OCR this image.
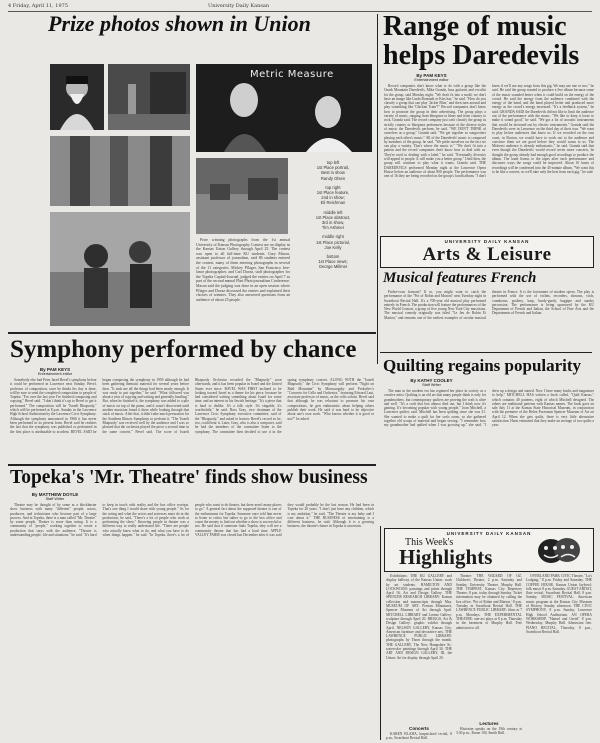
4 Friday, April 11, 1975	University Daily Kansan
Prize photos shown in Union
Metric Measure
top left
1st Place portrait,
Best in show
Randy Olsen
top right
1st Place feature,
2nd in show;
Eli Reichman
middle left
1st Place abstract,
3rd in show,
Tim Ashmer
middle right
1st Place pictorial,
Joe Kelly
bottom
1st Place news;
George Millmer

Prize winning photographs from the 1st annual University of Kansas Photography Contest are on display in the Kansas Union Gallery through April 25. The contest was open to all full-time KU students. Gary Mason, assistant professor of journalism, said 86 students entered the contest, many of them entering photographs in several of the 11 categories. Mickey Pflager, San Francisco free-lance photographer, and Carl Davaz, staff photographer for the Topeka Capital-Journal, judged the entries on April 7 as part of the second annual Flint Photojournalism Conference. Mason said the judging was done in an open session where Pflager and Davaz discussed the entries and explained their choices of winners. They also answered questions from an audience of about 25 people.

Range of music helps Daredevils
By PAM KEYS
Entertainment editor

Record companies don't know what to do with a group like the Ozark Mountain Daredevils, Mike Granda, bass guitarist and vocalist for the group, said Monday night. "We don't fit into a mold; we don't have an image like Linda Ronstadt or Kiss has," he said. "How do you classify a group that can play 'Jackie Blue,' and then turn around and play something like 'Chicken Train'?" Record companies don't know how to promote the group in their advertising. The group plays a variety of music, ranging from bluegrass to blues and from country to rock, Granda said. The record company just can't classify the group as strictly country or bluegrass performers because of the diverse styles of music the Daredevils perform, he said. "WE DON'T THINK of ourselves as a group," Granda said. "We get together as songwriters playing each other's music." All of the Daredevils' music is composed by members of the group, he said. "We pride ourselves on the fact we can play a variety. That's where the music is." "We don't fit into a pattern and the record companies don't know how to deal with us. They're used to dealing with a label," he said. "Eventually diversity will appeal to people. It will make you a better group." Until then, the group will continue to play what it wants, Granda said. THE DAREDEVILS performed Monday night at the Lawrence Opera House before an audience of about 800 people. The performance was one of 16 they are being recorded on the group's fourth album. "I don't know if we'll use any songs from this gig. We may use one or two," he said. He said the group wanted to produce a live album because some of the music sounded better when it could build on the energy of the crowd. He said the energy from the audience combined with the energy of the band, and the band played better and produced more energy as the crowd's energy increased. "It's a feedback system," he said. GRANDA SAID the Daredevils did not like to limit the audience out of the performance with the music. "We like to keep it loose to make it sound good," he said. "We got a lot of acoustic instruments that would be drowned out by electric instruments." Granda said the Daredevils were in Lawrence on the third day of their tour. "We want to play before audiences that know us. If we recorded on the east coast, in Boston, we would have to work out to the audience and convince them we are good before they would warm to us. The Midwest audience is already enthusiastic," he said. Granda said that even though the Daredevils would record seven more concerts, he thought the group already had enough good recordings to produce the album. The band listens to the tapes after each performance and discusses ways the songs could be improved. About 16 hours of recordings will be condensed into the 45-minute album. "We want this to be like a concert, so we'll take only the best from each gig," he said.

UNIVERSITY DAILY KANSAN
Arts & Leisure
Musical features French

Parlez-vous francais? If so, you might want to catch the performance of the "Pot of Robin and Marion" next Tuesday night in Swarthout Recital Hall. It's a 700-year old musical play performed entirely in French. The production will feature the performances of the New World Consort, a group of five young New York City musicians. The musical comedy originally was titled "Le Jeu de Robin Et Marion," and remains one of the earliest examples of secular musical theater in France. It is the forerunner of modern opera. The play is performed with the use of violins, recorders, shawms, viols, crumhorns, psaltery, harp, hurdy-gurdy, bagpipe and sundry percussion. The performance is being sponsored by the KU Department of French and Italian, the School of Fine Arts and the Departments of French and Italian.

Symphony performed by chance
By PAM KEYS
Entertainment editor

Somebody else had Peter Jared Bevel's symphony before it could be performed in Lawrence next Sunday. Bevel, professor of composition, once he thinks his day is done, will be sure to send the completed composition to people of Topeka. "For over the last year I've finished composing and copying," Bevel said. "I don't think it's up to Bevel to get it performed." The composition will be "Israeli Rhapsody," which will be performed at 8 p.m. Sunday in the Lawrence High School Auditorium by the Lawrence Civic Symphony. Although the symphony announced in 1966 it has never been performed in its present form. Bevel said he realizes the fact that the symphony was published or performed in the first place is attributable to accident. BEVEL SAID he began composing the symphony in 1959 although he had been gathering thematic material for several years before then. "It took me all the things had been nearly enough. It was ready to put together," he said. "What followed was about a year of copying and writing and generally hustling." But, when he finished it, the symphony was added to a pile of music on top of the piano, and it wasn't discovered until another musician found it there while looking through that stack of music. After that, it didn't take much persuasion for the Southern Illinois Symphony to perform it. "The 'Israeli Rhapsody' was received well by the audience and I was so pleased that the orchestra played the piece a second time in the same concert," Bevel said. The score of Israeli Rhapsody Orchestra recorded the "Rhapsody" soon afterwards, and it has been popular in Israel and the United States ever since. BAVEL WAS FIRST inclined to be looking toward Israel as a theme for his piece, because he had considered writing something about Israel for some time, and an interest in his Jewish heritage. "It's a piece that is hard to dislike. It's a folk style. It's singable, it's worthwhile," he said. Ross Gray, vice chairman of the Lawrence Civic Symphony executive committee, said of the "Rhapsody," and asked to borrow Bevel's record so he, too, could hear it. Later, Gray, who is also a composer, said he had the members of the committee listen to the symphony. The committee then decided to use it in the spring symphony concert. ALONG WITH the "Israeli Rhapsody," the Civic Symphony will perform "Night on Bald Mountain" by Moussorgsky and Prokofiev's "Concerto for Cello and Orchestra," featuring Edward Laut, associate professor of music, as the cello soloist. Bevel said that although he was reluctant to promote his own compositions, he gets enthusiastic about helping others publish their work. He said it was hard to be objective about one's own work. "Who knows whether it is good or not?" he asked.

Quilting regains popularity
By KATHY COOLEY
Staff Writer

The man in the modern era has regained her place in society as a creative artist. Quilting is an old art that many people think is only for grandmothers, but contemporary quilters are proving the craft is alive and well. "It's a craft that lost almost died out, but I think now it's gaining. It's becoming popular with young people," Joan Mitchell, a Lawrence quilter, said. Mitchell has been quilting since she was 21. She wanted to make a quilt for her son's room, so she gathered together old scraps of material and began sewing. "I remember how my grandmother had quilted when I was growing up," she said. "I drew up a design and started. Now I have many books and magazines to help." MITCHELL HAS written a book called, "Quilt Kansas," which contains 40 patterns, eight of which Mitchell designed. The others are traditional patterns with Kansas names. The book goes on sale July 11 at the Kansas State Historical Museum, in conjunction with the premiere of the Helen Foresman Spencer Museum of Art on April 12. When she gets quilts, there is very little alternative satisfaction. Hurst estimated that they make an average of two quilts a year.

Topeka's 'Mr. Theatre' finds show business
By MATTHEW DOYLE
Staff Writer

Theatre may be thought of by some as a blockbuster show business with many "different" people, actors, producers, and technicians who become part of a large process. And in Topeka, there is a man called "Mr. Theatre" by some people. Theatre is more than acting. It is a community of "people," working together to create a production that stays with the audience. "Theatre is understanding people, life and situations," he said. "It's hard to keep in touch with reality and the box office receipts. That's one thing I would share with young people." As for the acting and what the actors and actresses must do in the production, he said, "There's a lot of people who work at performing the show." Knowing people in theater was a different way to really understand life. "There are people who actually know what to do, and what you have to do when things happen," he said. "In Topeka, there's a lot of people who want to do theater, but there aren't many places to go." A general fact about the supposed theatre is one of the enthusiasms for Topeka. Someone once told him never to listen to critics but rather to go to the box office and count the money to find out whether a show is successful or not. He said that if someone finds Topeka, they will see a community theatre that has had a hard time. APPLE VALLEY FARM was closed last December after it was said they would probably be the last season. He had been in Topeka for 20 years. "I don't just have any children, which is my ambition," he said. "The Theatre is my baby and I care about it." THE BUSINESS of entertaining is a different business, he said. Although it is a growing business, the theatre's future in Topeka is uncertain.

UNIVERSITY DAILY KANSAN
This Week's
Highlights

Exhibitions: THE KU GALLERY and display hallway of the Kansas Union: work by art students. HAMILTON AND LOCKWOOD: paintings and prints through April 16, Art and Design Gallery. THE SPENCER RESEARCH LIBRARY: Kansas collection and manuscripts through May. MUSEUM OF ART: Persian Miniatures, Spencer Museum of Art through April. MITCHELL LIBRARY and Lorenz Gallery: sculpture through April 20. BRIGGS, Art & Design Gallery: graphic exhibit through April. NELSON GALLERY, Kansas City: American furniture and decorative arts. THE LAWRENCE PUBLIC LIBRARY: photographs by Thorn through the month. THE GALLERY, The New Hampshire St.: watercolor paintings through April 30. THE ART AND DESIGN GALLERY, III, the Union: Art for display through April 20.

Concerts

KAREN BLAHA, harpsichord recital, 8 p.m., Swarthout Recital Hall.

Theatre: THE WIZARD OF OZ, Children's Theatre, 2 p.m. Saturday and Sunday, University Theatre, Murphy Hall. THE TEMPEST, Kansas City Repertory Theatre, 8 p.m. today through Sunday. Ticket information may be obtained by calling the box office. 'Pot of Robin and Marion,' 8 p.m. Tuesday in Swarthout Recital Hall. THE LAWRENCE PUBLIC LIBRARY: films at 7 p.m. Mondays. THE EXPERIMENTAL THEATRE: one-act plays at 8 p.m. Thursday in the basement of Murphy Hall. Free admission to all.

Lectures

Historian speaks on the 19th century at 3:30 p.m., Room 100, Smith Hall.

OVERLAND PARK CIVIC Theatre, "Lu's Lodging," 8 p.m. Friday and Saturday. THE COFFEE HOUSE, Kansas Union Jaybowl: folk music 8 p.m. Saturday. GUEST ARTIST, flute recital, Swarthout Recital Hall, 8 p.m. Sunday. MUSIC FESTIVAL: American music program at the Kansas City Museum of History, Sunday afternoon. THE CIVIC SYMPHONY, 8 p.m. Sunday, Lawrence High School Auditorium. AN OPERA WORKSHOP, "Hansel and Gretel" 8 p.m. Wednesday, Murphy Hall. Admission free. PIANO RECITAL, Thursday, 8 p.m., Swarthout Recital Hall.
